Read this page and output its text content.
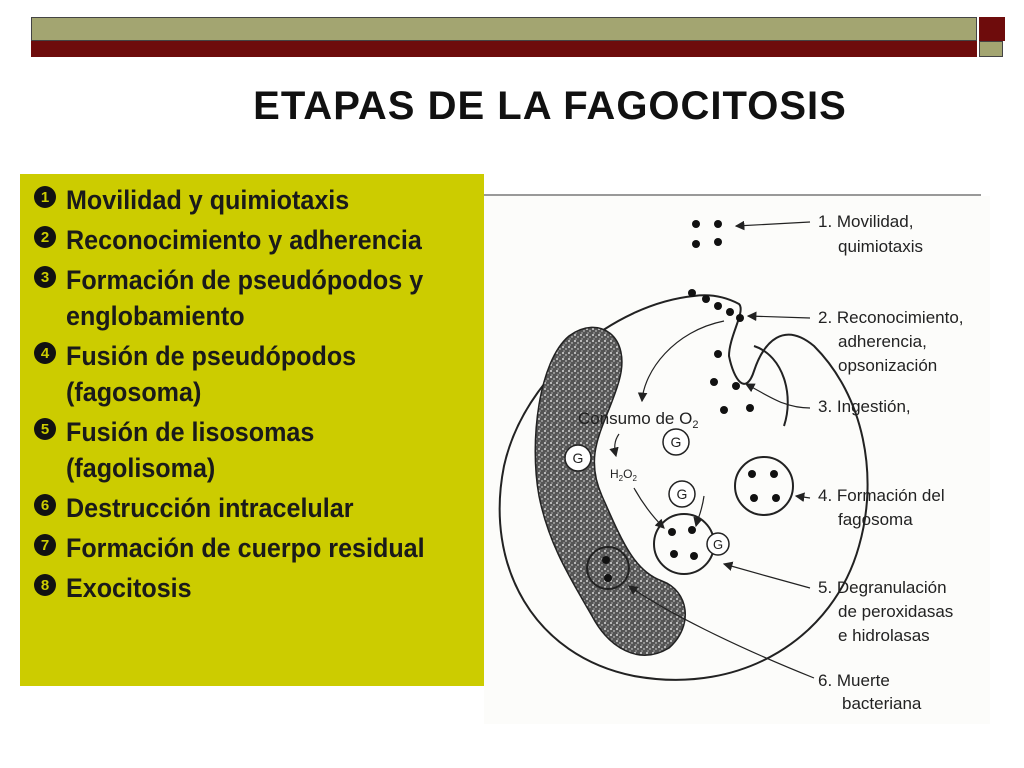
ETAPAS DE LA FAGOCITOSIS
1 Movilidad y quimiotaxis
2 Reconocimiento y adherencia
3 Formación de pseudópodos y englobamiento
4 Fusión de pseudópodos (fagosoma)
5 Fusión de lisosomas (fagolisoma)
6 Destrucción intracelular
7 Formación de cuerpo residual
8 Exocitosis
G
G
G
G
Consumo de $O_2$
$H_2O_2$
1. Movilidad,
quimiotaxis
2. Reconocimiento,
adherencia,
opsonización
3. Ingestión,
4. Formación del
fagosoma
5. Degranulación
de peroxidasas
e hidrolasas
6. Muerte
bacteriana
